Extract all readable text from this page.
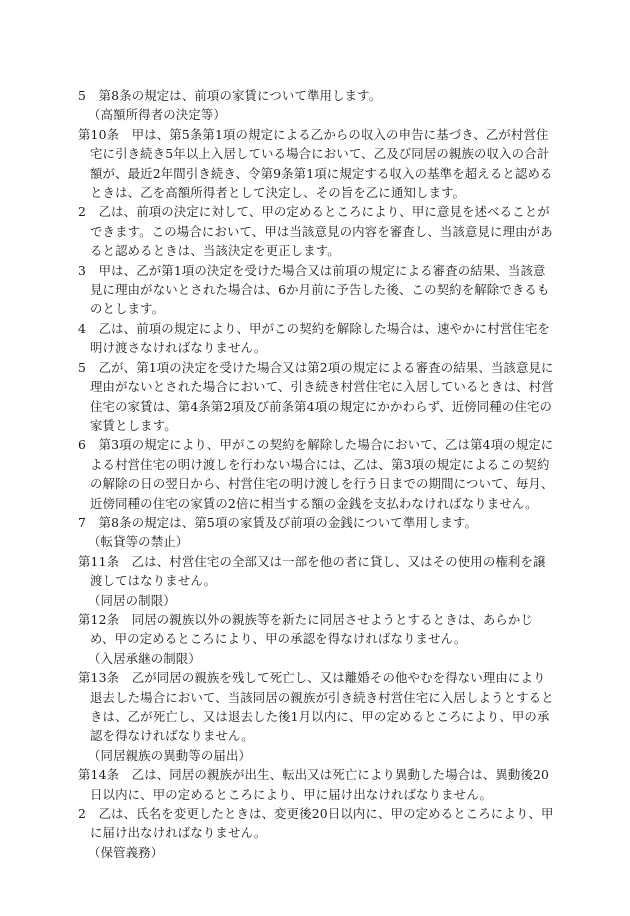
5　第8条の規定は、前項の家賃について準用します。

（高額所得者の決定等）

第10条　甲は、第5条第1項の規定による乙からの収入の申告に基づき、乙が村営住宅に引き続き5年以上入居している場合において、乙及び同居の親族の収入の合計額が、最近2年間引き続き、令第9条第1項に規定する収入の基準を超えると認めるときは、乙を高額所得者として決定し、その旨を乙に通知します。

2　乙は、前項の決定に対して、甲の定めるところにより、甲に意見を述べることができます。この場合において、甲は当該意見の内容を審査し、当該意見に理由があると認めるときは、当該決定を更正します。

3　甲は、乙が第1項の決定を受けた場合又は前項の規定による審査の結果、当該意見に理由がないとされた場合は、6か月前に予告した後、この契約を解除できるものとします。

4　乙は、前項の規定により、甲がこの契約を解除した場合は、速やかに村営住宅を明け渡さなければなりません。

5　乙が、第1項の決定を受けた場合又は第2項の規定による審査の結果、当該意見に理由がないとされた場合において、引き続き村営住宅に入居しているときは、村営住宅の家賃は、第4条第2項及び前条第4項の規定にかかわらず、近傍同種の住宅の家賃とします。

6　第3項の規定により、甲がこの契約を解除した場合において、乙は第4項の規定による村営住宅の明け渡しを行わない場合には、乙は、第3項の規定によるこの契約の解除の日の翌日から、村営住宅の明け渡しを行う日までの期間について、毎月、近傍同種の住宅の家賃の2倍に相当する額の金銭を支払わなければなりません。

7　第8条の規定は、第5項の家賃及び前項の金銭について準用します。

（転貸等の禁止）

第11条　乙は、村営住宅の全部又は一部を他の者に貸し、又はその使用の権利を譲渡してはなりません。

（同居の制限）

第12条　同居の親族以外の親族等を新たに同居させようとするときは、あらかじめ、甲の定めるところにより、甲の承認を得なければなりません。

（入居承継の制限）

第13条　乙が同居の親族を残して死亡し、又は離婚その他やむを得ない理由により退去した場合において、当該同居の親族が引き続き村営住宅に入居しようとするときは、乙が死亡し、又は退去した後1月以内に、甲の定めるところにより、甲の承認を得なければなりません。

（同居親族の異動等の届出）

第14条　乙は、同居の親族が出生、転出又は死亡により異動した場合は、異動後20日以内に、甲の定めるところにより、甲に届け出なければなりません。

2　乙は、氏名を変更したときは、変更後20日以内に、甲の定めるところにより、甲に届け出なければなりません。

（保管義務）
